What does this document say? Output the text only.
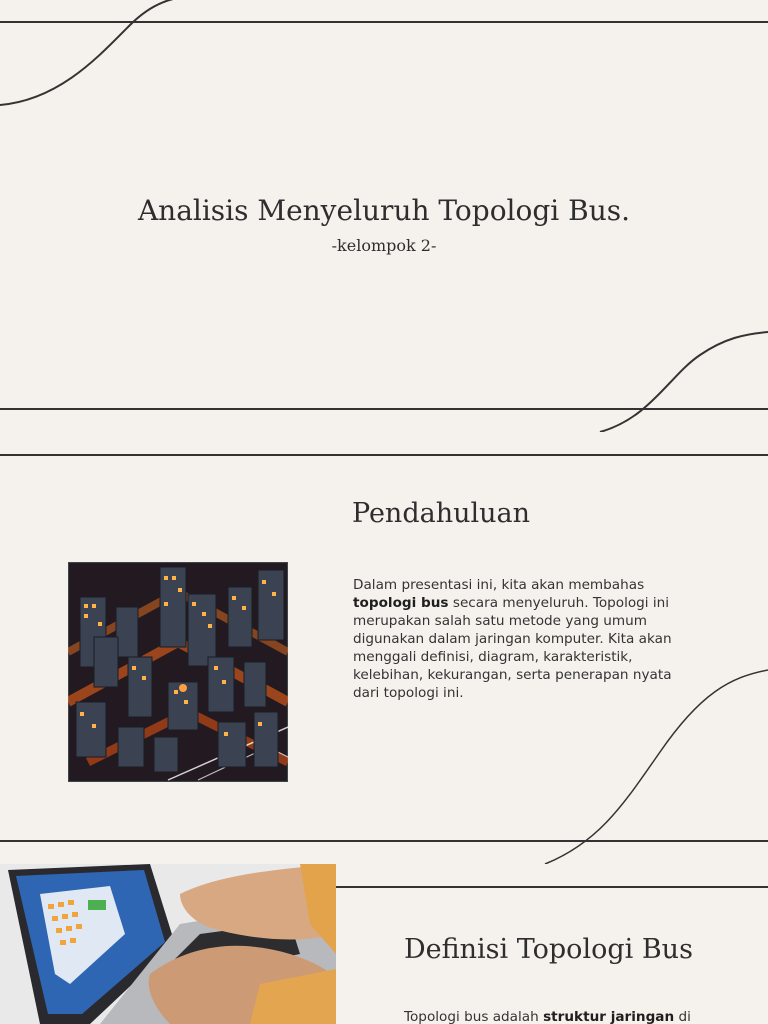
Analisis Menyeluruh Topologi Bus.
-kelompok 2-
Pendahuluan

Dalam presentasi ini, kita akan membahas topologi bus secara menyeluruh. Topologi ini merupakan salah satu metode yang umum digunakan dalam jaringan komputer. Kita akan menggali definisi, diagram, karakteristik, kelebihan, kekurangan, serta penerapan nyata dari topologi ini.

Definisi Topologi Bus

Topologi bus adalah struktur jaringan di
